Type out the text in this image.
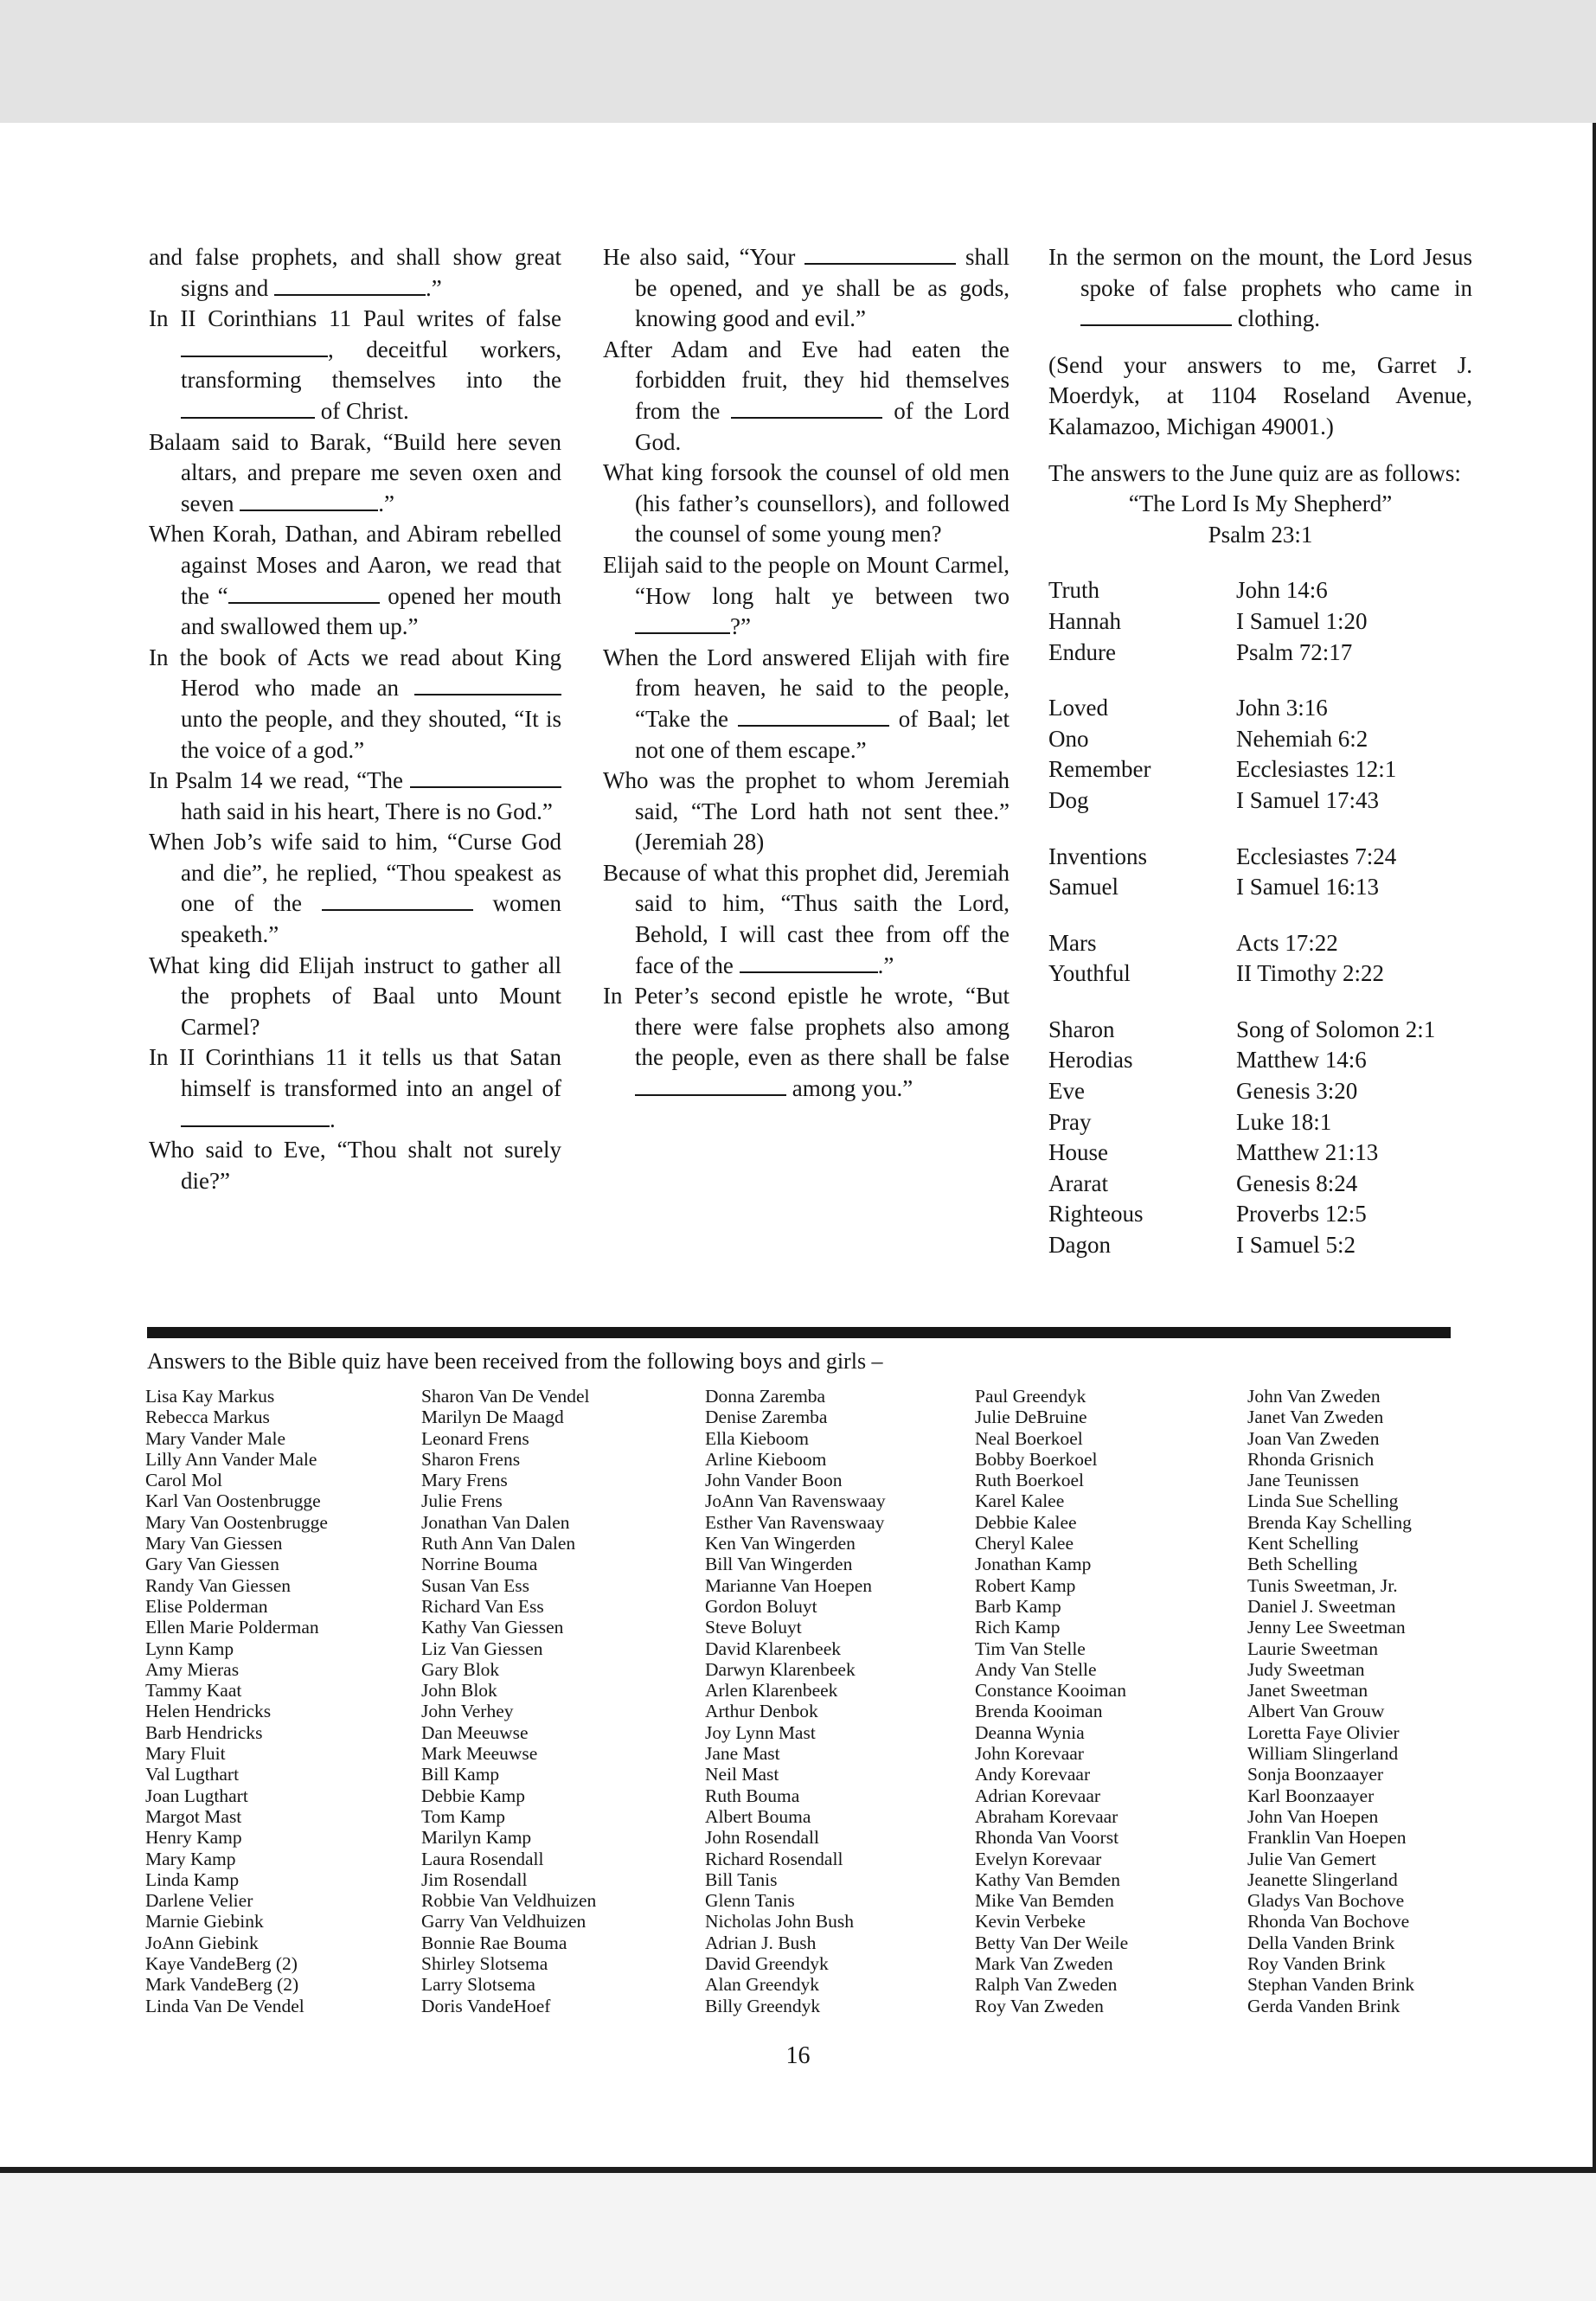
and false prophets, and shall show great signs and	.”

In II Corinthians 11 Paul writes of false , deceitful workers, transforming themselves into the  of Christ.

Balaam said to Barak, “Build here seven altars, and prepare me seven oxen and seven	.”

When Korah, Dathan, and Abiram rebelled against Moses and Aaron, we read that the “	opened her mouth and swallowed them up.”

In the book of Acts we read about King Herod who made an  unto the people, and they shouted, “It is the voice of a god.”

In Psalm 14 we read, “The  hath said in his heart, There is no God.”

When Job’s wife said to him, “Curse God and die”, he replied, “Thou speakest as one of the	women speaketh.”

What king did Elijah instruct to gather all the prophets of Baal unto Mount Carmel?

In II Corinthians 11 it tells us that Satan himself is transformed into an angel of .

Who said to Eve, “Thou shalt not surely die?”

He also said, “Your	shall be opened, and ye shall be as gods, knowing good and evil.”

After Adam and Eve had eaten the forbidden fruit, they hid themselves from the	of the Lord God.

What king forsook the counsel of old men (his father’s counsellors), and followed the counsel of some young men?

Elijah said to the people on Mount Carmel, “How long halt ye between two ?”

When the Lord answered Elijah with fire from heaven, he said to the people, “Take the	of Baal; let not one of them escape.”

Who was the prophet to whom Jeremiah said, “The Lord hath not sent thee.” (Jeremiah 28)

Because of what this prophet did, Jeremiah said to him, “Thus saith the Lord, Behold, I will cast thee from off the face of the	.”

In Peter’s second epistle he wrote, “But there were false prophets also among the people, even as there shall be false  among you.”

In the sermon on the mount, the Lord Jesus spoke of false prophets who came in  clothing.

(Send your answers to me, Garret J. Moerdyk, at 1104 Roseland Avenue, Kalamazoo, Michigan 49001.)

The answers to the June quiz are as follows:

“The Lord Is My Shepherd”

Psalm 23:1

Truth	John 14:6
Hannah	I Samuel 1:20
Endure	Psalm 72:17
Loved	John 3:16
Ono	Nehemiah 6:2
Remember	Ecclesiastes 12:1
Dog	I Samuel 17:43
Inventions	Ecclesiastes 7:24
Samuel	I Samuel 16:13
Mars	Acts 17:22
Youthful	II Timothy 2:22
Sharon	Song of Solomon 2:1
Herodias	Matthew 14:6
Eve	Genesis 3:20
Pray	Luke 18:1
House	Matthew 21:13
Ararat	Genesis 8:24
Righteous	Proverbs 12:5
Dagon	I Samuel 5:2
Answers to the Bible quiz have been received from the following boys and girls –
Lisa Kay Markus
Rebecca Markus
Mary Vander Male
Lilly Ann Vander Male
Carol Mol
Karl Van Oostenbrugge
Mary Van Oostenbrugge
Mary Van Giessen
Gary Van Giessen
Randy Van Giessen
Elise Polderman
Ellen Marie Polderman
Lynn Kamp
Amy Mieras
Tammy Kaat
Helen Hendricks
Barb Hendricks
Mary Fluit
Val Lugthart
Joan Lugthart
Margot Mast
Henry Kamp
Mary Kamp
Linda Kamp
Darlene Velier
Marnie Giebink
JoAnn Giebink
Kaye VandeBerg (2)
Mark VandeBerg (2)
Linda Van De Vendel
Sharon Van De Vendel
Marilyn De Maagd
Leonard Frens
Sharon Frens
Mary Frens
Julie Frens
Jonathan Van Dalen
Ruth Ann Van Dalen
Norrine Bouma
Susan Van Ess
Richard Van Ess
Kathy Van Giessen
Liz Van Giessen
Gary Blok
John Blok
John Verhey
Dan Meeuwse
Mark Meeuwse
Bill Kamp
Debbie Kamp
Tom Kamp
Marilyn Kamp
Laura Rosendall
Jim Rosendall
Robbie Van Veldhuizen
Garry Van Veldhuizen
Bonnie Rae Bouma
Shirley Slotsema
Larry Slotsema
Doris VandeHoef
Donna Zaremba
Denise Zaremba
Ella Kieboom
Arline Kieboom
John Vander Boon
JoAnn Van Ravenswaay
Esther Van Ravenswaay
Ken Van Wingerden
Bill Van Wingerden
Marianne Van Hoepen
Gordon Boluyt
Steve Boluyt
David Klarenbeek
Darwyn Klarenbeek
Arlen Klarenbeek
Arthur Denbok
Joy Lynn Mast
Jane Mast
Neil Mast
Ruth Bouma
Albert Bouma
John Rosendall
Richard Rosendall
Bill Tanis
Glenn Tanis
Nicholas John Bush
Adrian J. Bush
David Greendyk
Alan Greendyk
Billy Greendyk
Paul Greendyk
Julie DeBruine
Neal Boerkoel
Bobby Boerkoel
Ruth Boerkoel
Karel Kalee
Debbie Kalee
Cheryl Kalee
Jonathan Kamp
Robert Kamp
Barb Kamp
Rich Kamp
Tim Van Stelle
Andy Van Stelle
Constance Kooiman
Brenda Kooiman
Deanna Wynia
John Korevaar
Andy Korevaar
Adrian Korevaar
Abraham Korevaar
Rhonda Van Voorst
Evelyn Korevaar
Kathy Van Bemden
Mike Van Bemden
Kevin Verbeke
Betty Van Der Weile
Mark Van Zweden
Ralph Van Zweden
Roy Van Zweden
John Van Zweden
Janet Van Zweden
Joan Van Zweden
Rhonda Grisnich
Jane Teunissen
Linda Sue Schelling
Brenda Kay Schelling
Kent Schelling
Beth Schelling
Tunis Sweetman, Jr.
Daniel J. Sweetman
Jenny Lee Sweetman
Laurie Sweetman
Judy Sweetman
Janet Sweetman
Albert Van Grouw
Loretta Faye Olivier
William Slingerland
Sonja Boonzaayer
Karl Boonzaayer
John Van Hoepen
Franklin Van Hoepen
Julie Van Gemert
Jeanette Slingerland
Gladys Van Bochove
Rhonda Van Bochove
Della Vanden Brink
Roy Vanden Brink
Stephan Vanden Brink
Gerda Vanden Brink
16
